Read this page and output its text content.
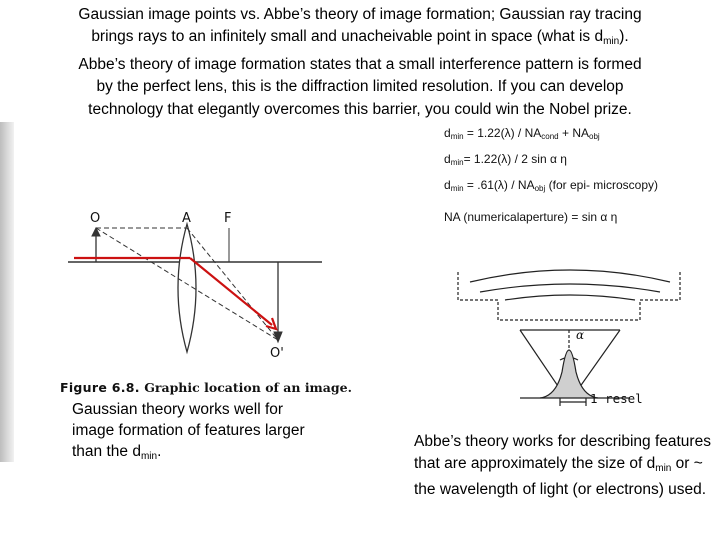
Gaussian image points vs. Abbe’s theory of image formation; Gaussian ray tracing
brings rays to an infinitely small and unacheivable point in space (what is $d_{min}$).
Abbe’s theory of image formation states that a small interference pattern is formed
by the perfect lens, this is the diffraction limited resolution. If you can develop
technology that elegantly overcomes this barrier, you could win the Nobel prize.
$d_{min} = 1.22(\lambda) / NA_{cond} + NA_{obj}$
$d_{min}= 1.22(\lambda) / 2$ sin α η
$d_{min} = .61(\lambda) / NA_{obj}$ (for epi- microscopy)
NA (numericalaperture) = sin α η
O	A	F
O'
α
1 resel
Figure 6.8. Graphic location of an image.
Gaussian theory works well for image formation of features larger than the $d_{min}$.
Abbe’s theory works for describing features that are approximately the size of $d_{min}$ or ~ the wavelength of light (or electrons) used.
